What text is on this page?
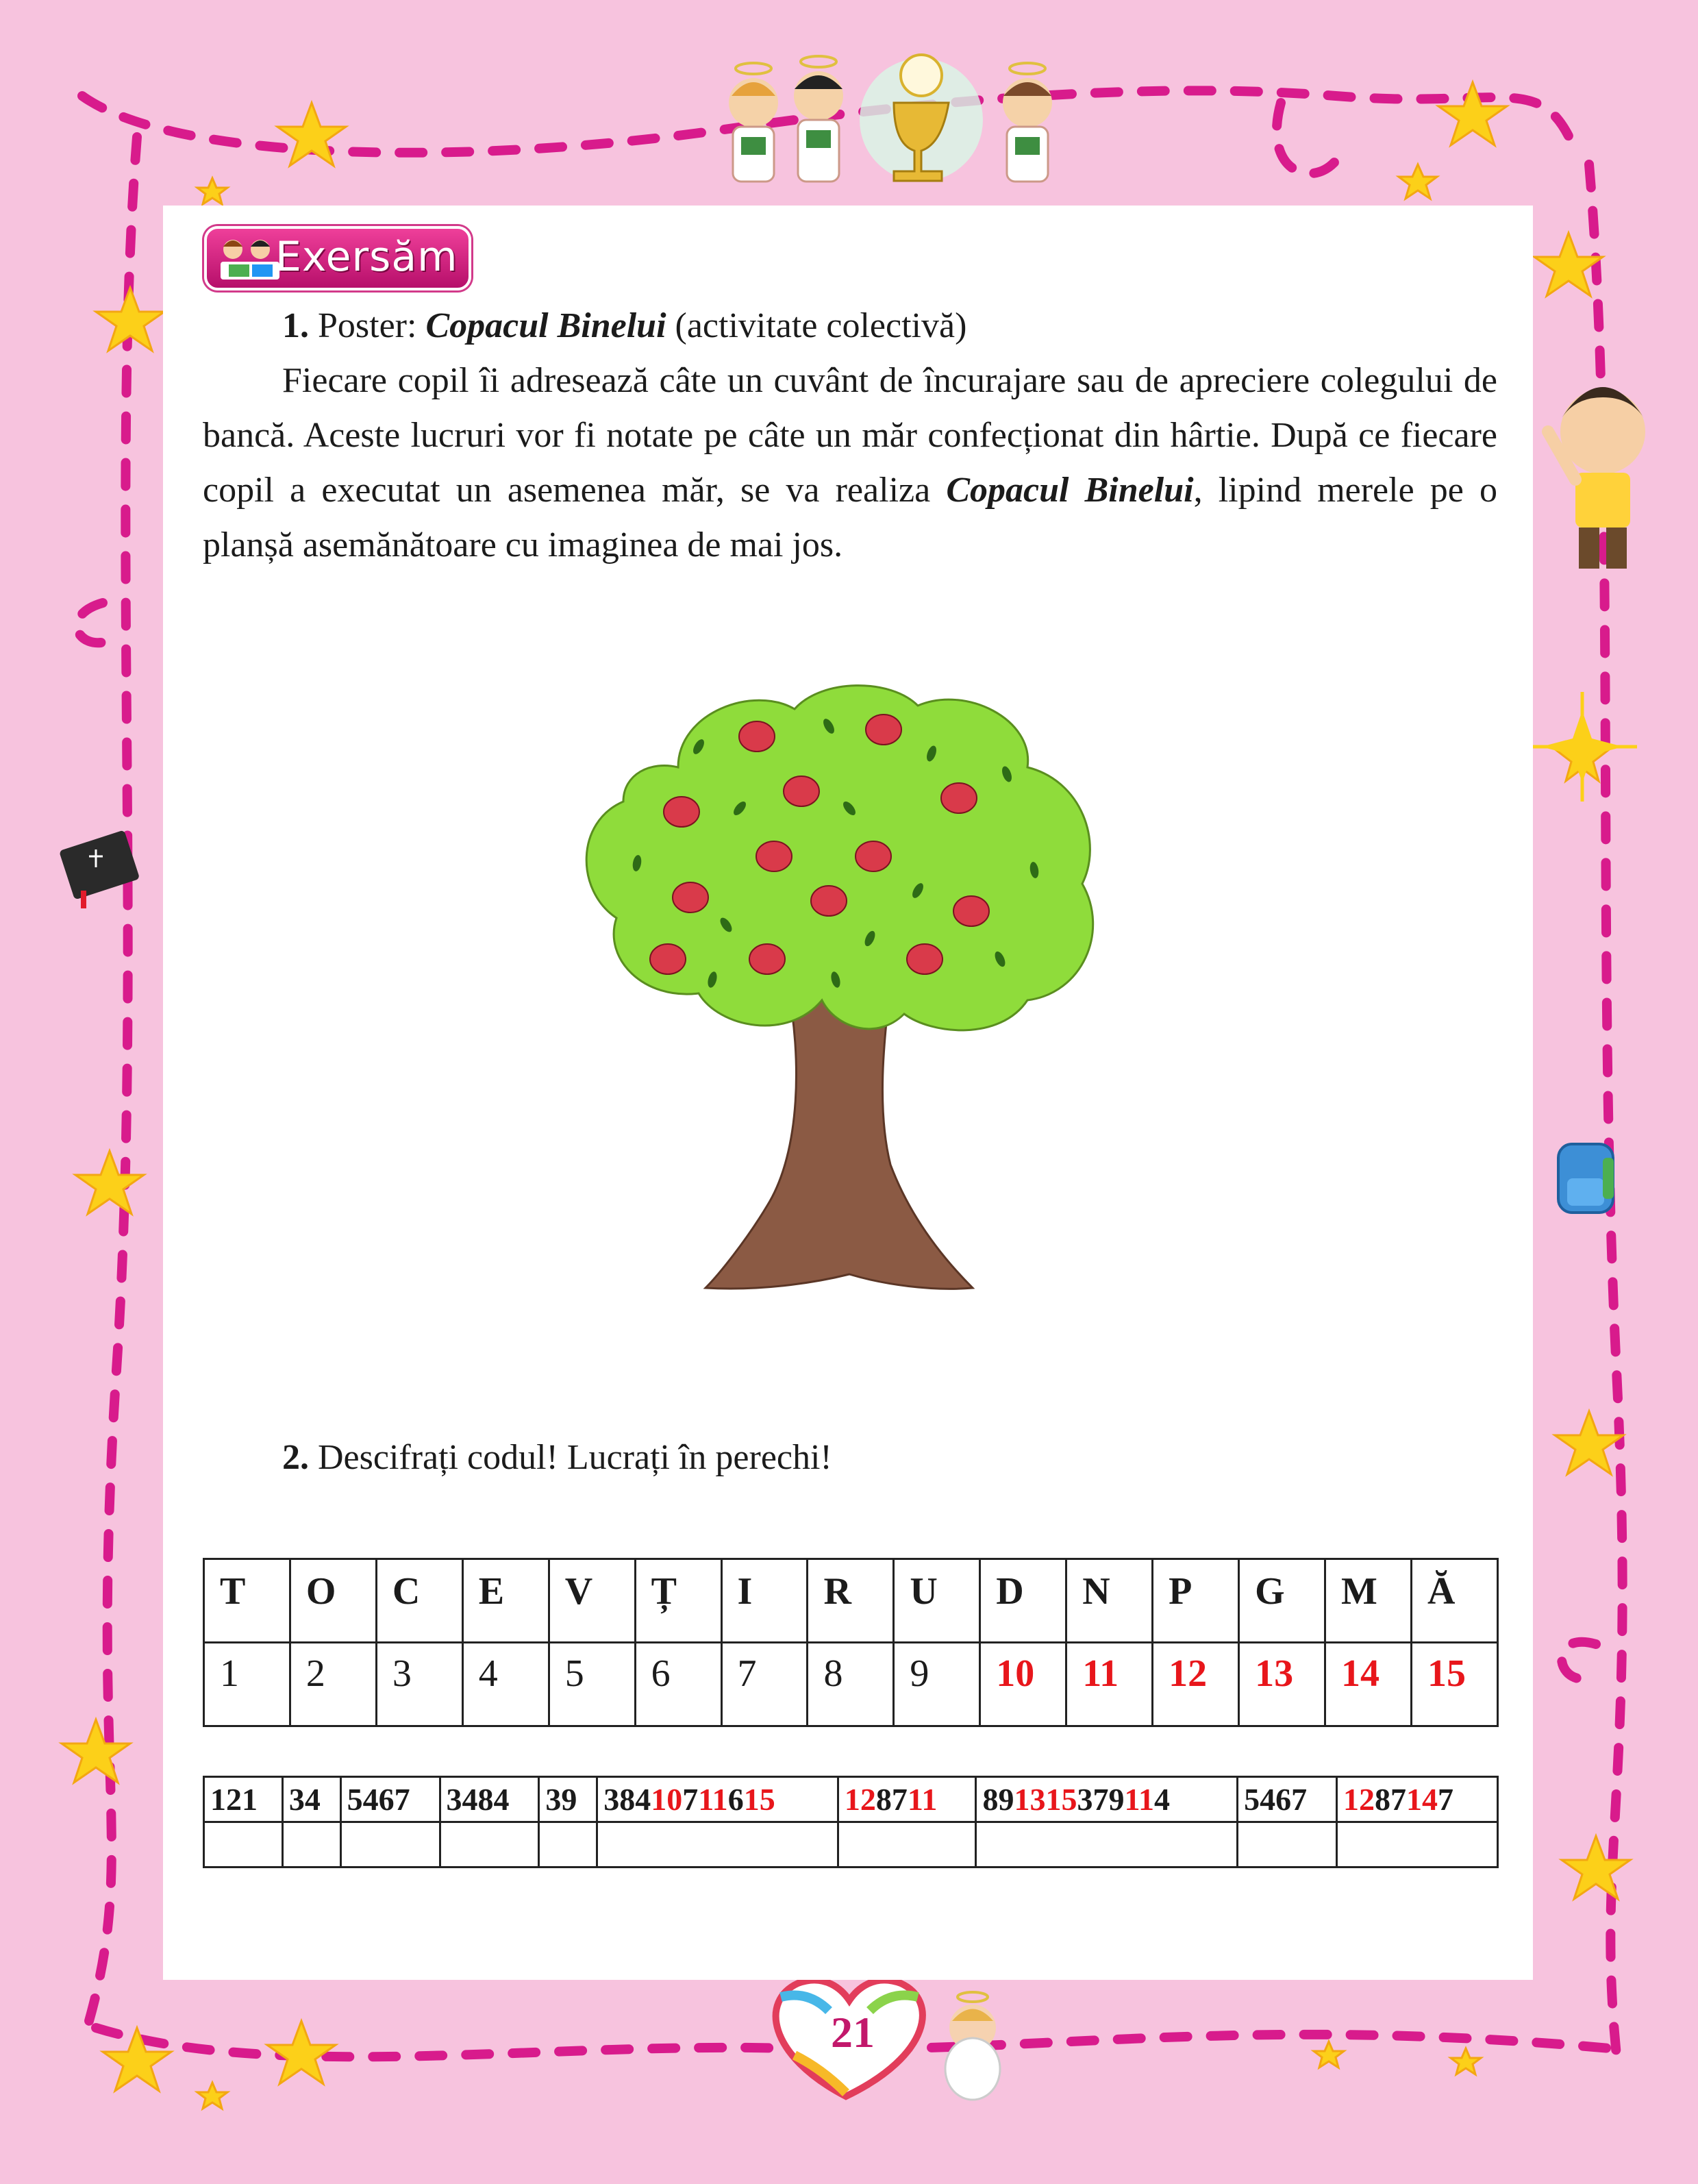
Exersăm
1. Poster: Copacul Binelui (activitate colectivă)
Fiecare copil îi adresează câte un cuvânt de încurajare sau de apreciere colegului de bancă. Aceste lucruri vor fi notate pe câte un măr confecționat din hârtie. După ce fiecare copil a executat un asemenea măr, se va realiza Copacul Binelui, lipind merele pe o planșă asemănătoare cu imaginea de mai jos.
2. Descifrați codul! Lucrați în perechi!
T	O	C	E	V	Ț	I	R	U	D	N	P	G	M	Ă
1	2	3	4	5	6	7	8	9	10	11	12	13	14	15
121	34	5467	3484	39	38410711615	128711	891315379114	5467	1287147

21
